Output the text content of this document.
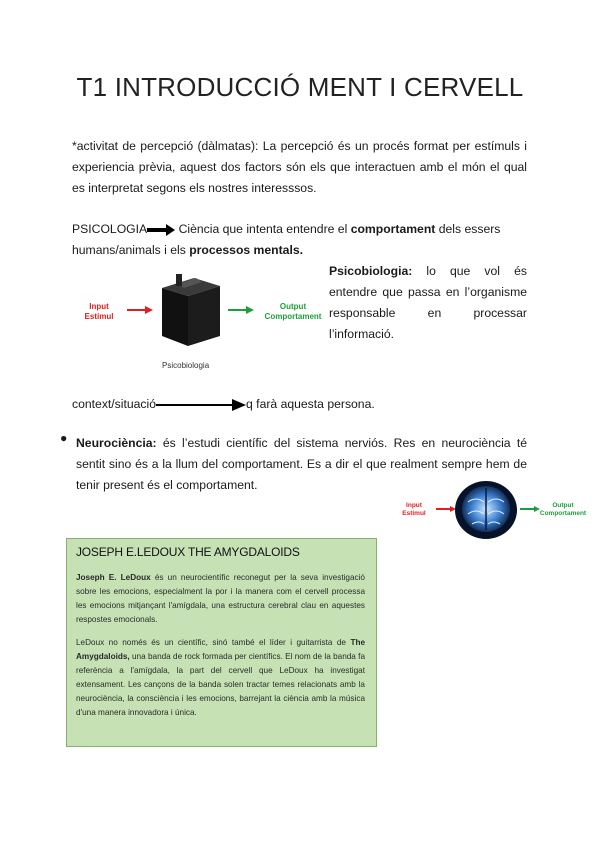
T1 INTRODUCCIÓ MENT I CERVELL
*activitat de percepció (dàlmatas): La percepció és un procés format per estímuls i experiencia prèvia, aquest dos factors són els que interactuen amb el món el qual es interpretat segons els nostres interesssos.
PSICOLOGIA	Ciència que intenta entendre el comportament dels essers
humans/animals i els processos mentals.
Input
Estímul
Output
Comportament
Psicobiologia
Psicobiologia: lo que vol és entendre que passa en l’organisme responsable en processar l’informació.
context/situació	q farà aquesta persona.
● Neurociència: és l’estudi científic del sistema nerviós. Res en neurociència té sentit sino és a la llum del comportament. Es a dir el que realment sempre hem de tenir present és el comportament.
Input
Estímul
Output
Comportament
JOSEPH E.LEDOUX THE AMYGDALOIDS
Joseph E. LeDoux és un neurocientífic reconegut per la seva investigació sobre les emocions, especialment la por i la manera com el cervell processa les emocions mitjançant l'amígdala, una estructura cerebral clau en aquestes respostes emocionals.
LeDoux no només és un científic, sinó també el líder i guitarrista de The Amygdaloids, una banda de rock formada per científics. El nom de la banda fa referència a l'amígdala, la part del cervell que LeDoux ha investigat extensament. Les cançons de la banda solen tractar temes relacionats amb la neurociència, la consciència i les emocions, barrejant la ciència amb la música d'una manera innovadora i única.
